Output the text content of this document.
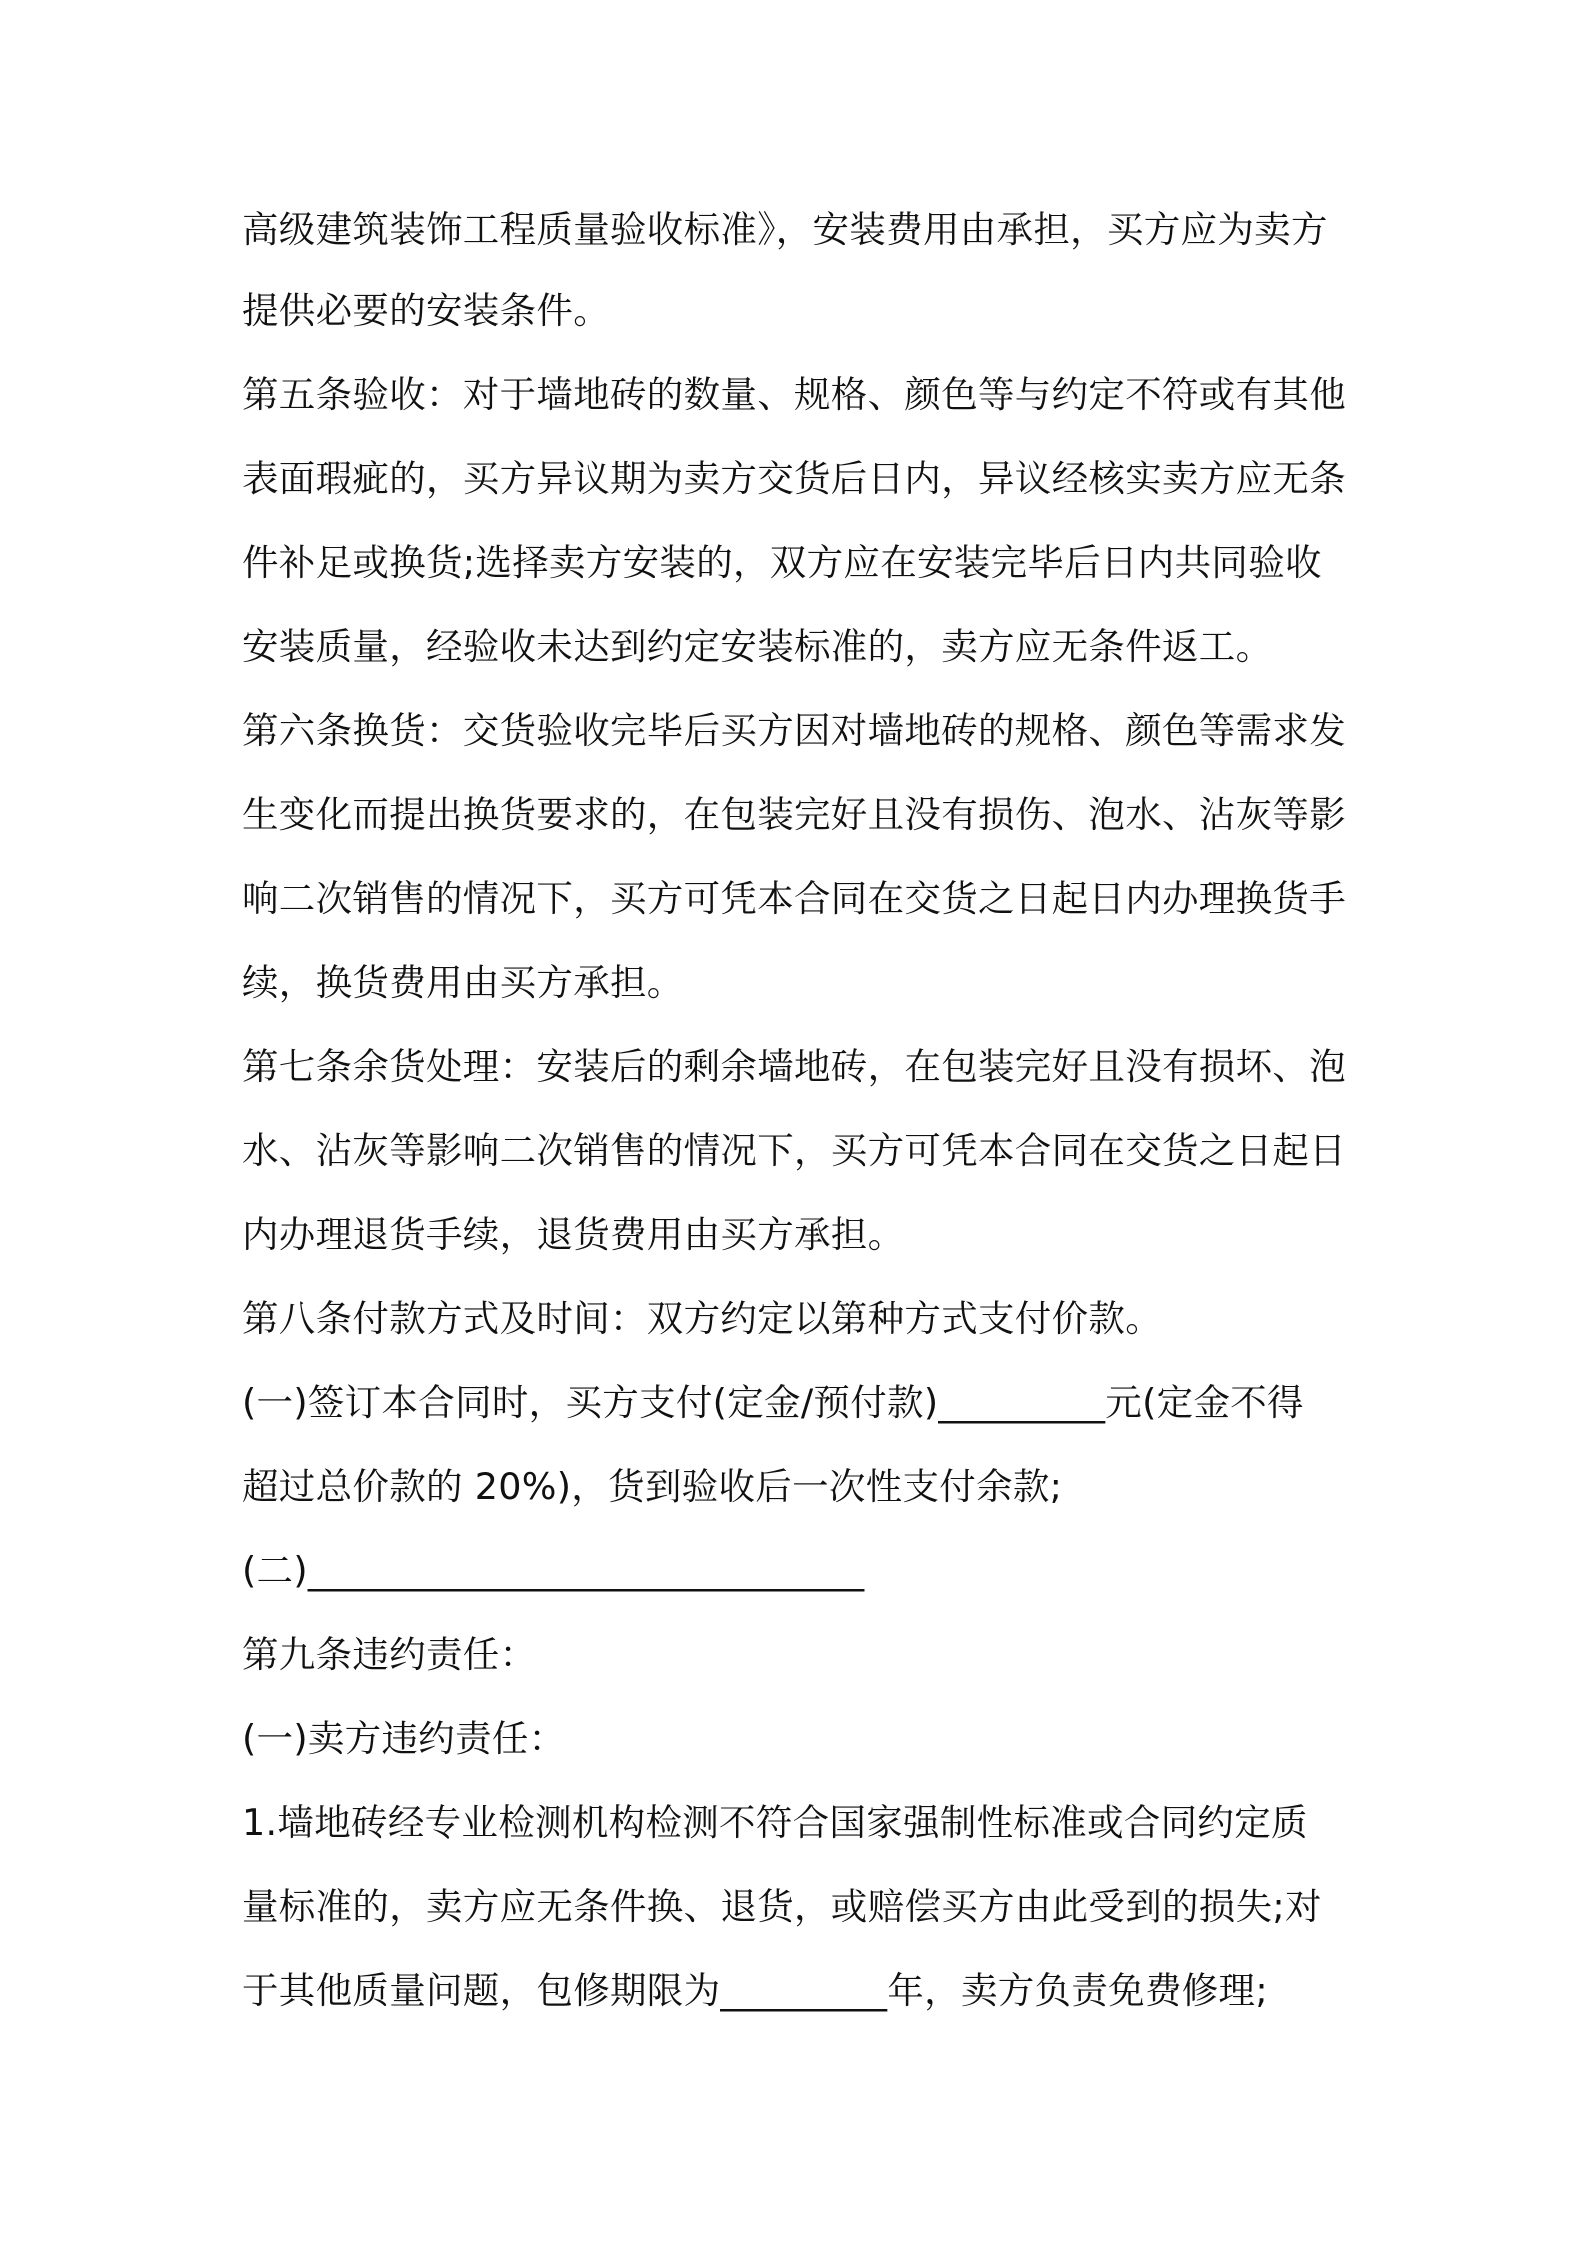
高级建筑装饰工程质量验收标准》，安装费用由承担，买方应为卖方
提供必要的安装条件。
第五条验收：对于墙地砖的数量、规格、颜色等与约定不符或有其他
表面瑕疵的，买方异议期为卖方交货后日内，异议经核实卖方应无条
件补足或换货;选择卖方安装的，双方应在安装完毕后日内共同验收
安装质量，经验收未达到约定安装标准的，卖方应无条件返工。
第六条换货：交货验收完毕后买方因对墙地砖的规格、颜色等需求发
生变化而提出换货要求的，在包装完好且没有损伤、泡水、沾灰等影
响二次销售的情况下，买方可凭本合同在交货之日起日内办理换货手
续，换货费用由买方承担。
第七条余货处理：安装后的剩余墙地砖，在包装完好且没有损坏、泡
水、沾灰等影响二次销售的情况下，买方可凭本合同在交货之日起日
内办理退货手续，退货费用由买方承担。
第八条付款方式及时间：双方约定以第种方式支付价款。
(一)签订本合同时，买方支付(定金/预付款)_________元(定金不得
超过总价款的 20%)，货到验收后一次性支付余款;
(二)______________________________
第九条违约责任：
(一)卖方违约责任：
1.墙地砖经专业检测机构检测不符合国家强制性标准或合同约定质
量标准的，卖方应无条件换、退货，或赔偿买方由此受到的损失;对
于其他质量问题，包修期限为_________年，卖方负责免费修理;
